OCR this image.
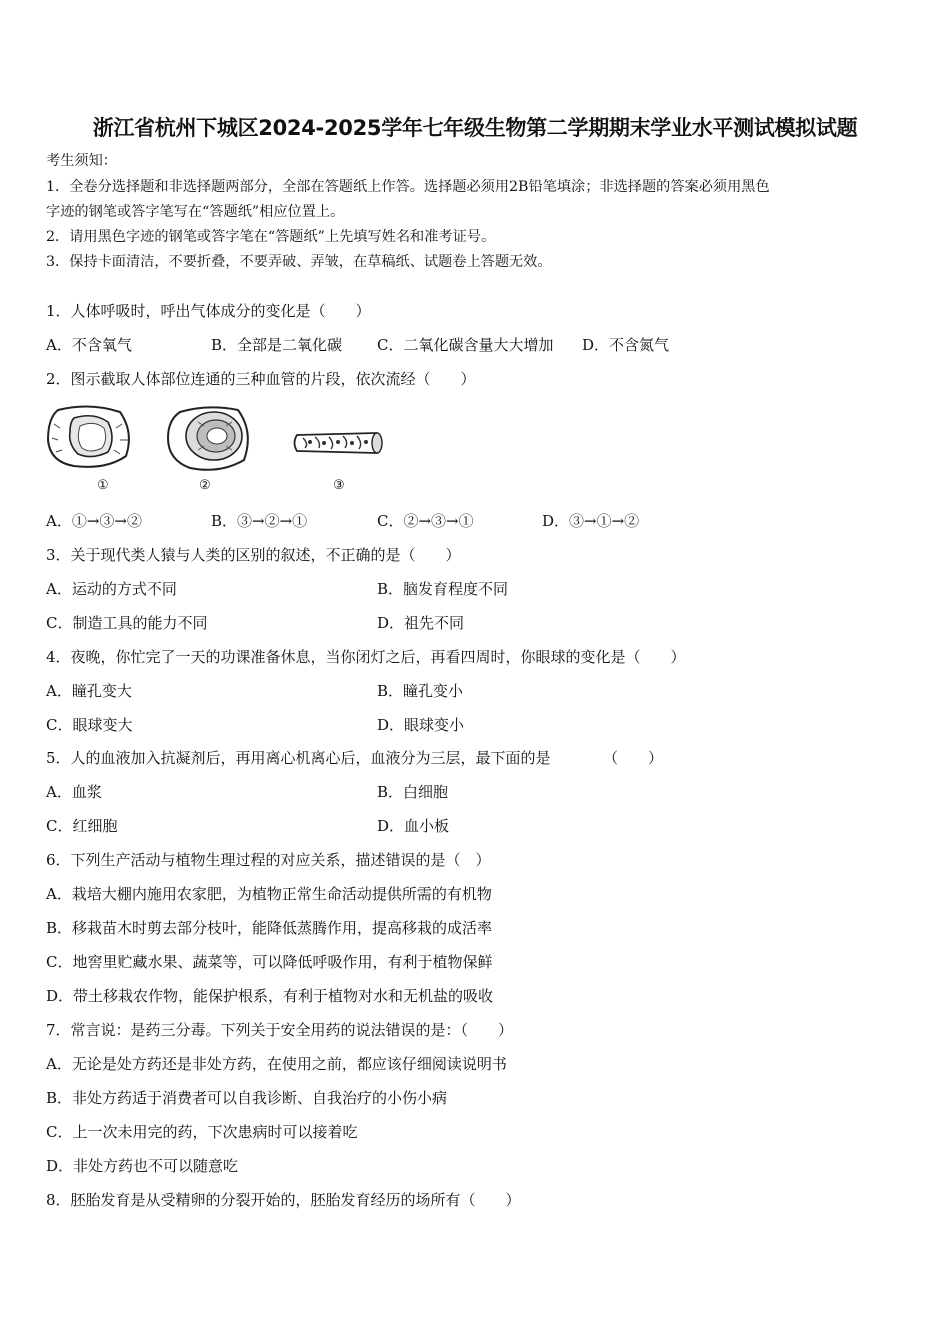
浙江省杭州下城区2024-2025学年七年级生物第二学期期末学业水平测试模拟试题
考生须知：
1．全卷分选择题和非选择题两部分，全部在答题纸上作答。选择题必须用2B铅笔填涂；非选择题的答案必须用黑色
字迹的钢笔或答字笔写在“答题纸”相应位置上。
2．请用黑色字迹的钢笔或答字笔在“答题纸”上先填写姓名和准考证号。
3．保持卡面清洁，不要折叠，不要弄破、弄皱，在草稿纸、试题卷上答题无效。
1．人体呼吸时，呼出气体成分的变化是（　　）
A．不含氧气	B．全部是二氧化碳 C．二氧化碳含量大大增加 D．不含氮气
2．图示截取人体部位连通的三种血管的片段，依次流经（　　）
①	②	③
A．①→③→②	B．③→②→①	C．②→③→①	D．③→①→②
3．关于现代类人猿与人类的区别的叙述，不正确的是（　　）
A．运动的方式不同	B．脑发育程度不同
C．制造工具的能力不同	D．祖先不同
4．夜晚，你忙完了一天的功课准备休息，当你闭灯之后，再看四周时，你眼球的变化是（　　）
A．瞳孔变大	B．瞳孔变小
C．眼球变大	D．眼球变小
5．人的血液加入抗凝剂后，再用离心机离心后，血液分为三层，最下面的是　　　　（　　）
A．血浆	B．白细胞
C．红细胞	D．血小板
6．下列生产活动与植物生理过程的对应关系，描述错误的是（　）
A．栽培大棚内施用农家肥，为植物正常生命活动提供所需的有机物
B．移栽苗木时剪去部分枝叶，能降低蒸腾作用，提高移栽的成活率
C．地窖里贮藏水果、蔬菜等，可以降低呼吸作用，有利于植物保鲜
D．带土移栽农作物，能保护根系，有利于植物对水和无机盐的吸收
7．常言说：是药三分毒。下列关于安全用药的说法错误的是：（　　）
A．无论是处方药还是非处方药，在使用之前，都应该仔细阅读说明书
B．非处方药适于消费者可以自我诊断、自我治疗的小伤小病
C．上一次未用完的药，下次患病时可以接着吃
D．非处方药也不可以随意吃
8．胚胎发育是从受精卵的分裂开始的，胚胎发育经历的场所有（　　）
